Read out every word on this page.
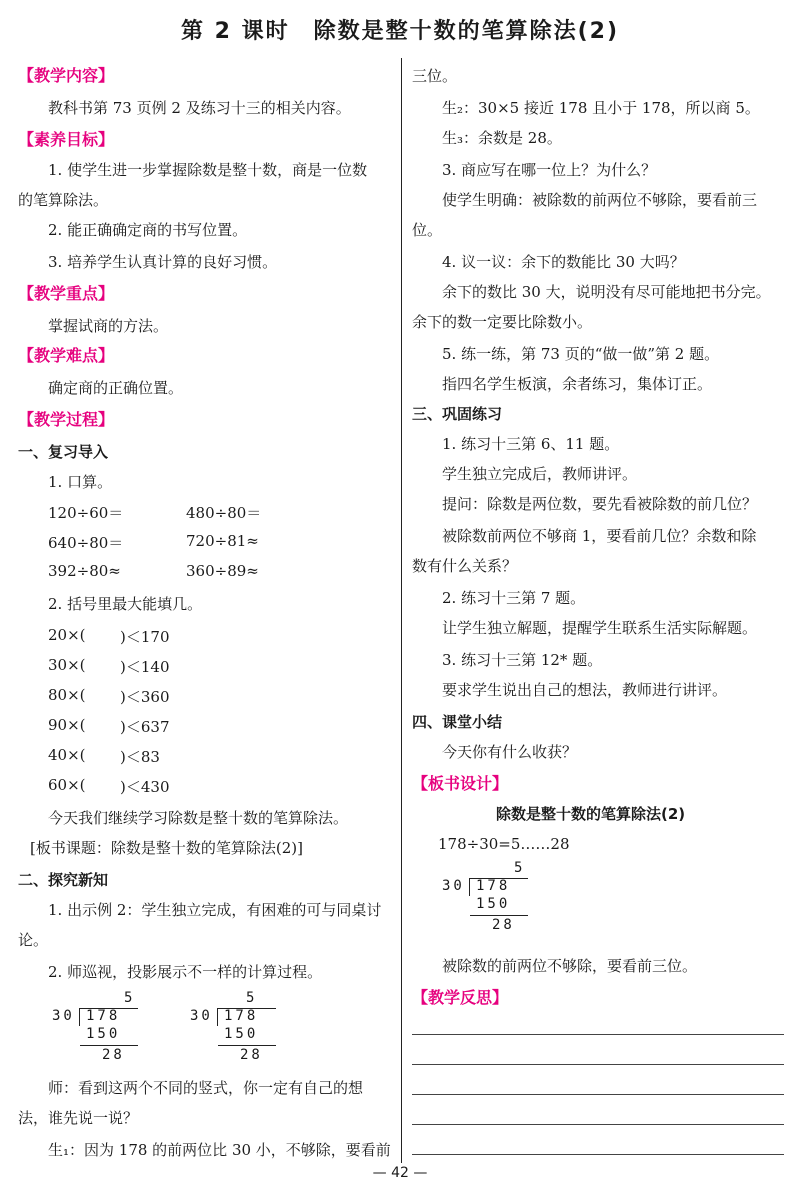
第 2 课时　除数是整十数的笔算除法(2)
【教学内容】
教科书第 73 页例 2 及练习十三的相关内容。
【素养目标】
1. 使学生进一步掌握除数是整十数，商是一位数
的笔算除法。
2. 能正确确定商的书写位置。
3. 培养学生认真计算的良好习惯。
【教学重点】
掌握试商的方法。
【教学难点】
确定商的正确位置。
【教学过程】
一、复习导入
1. 口算。
120÷60＝
640÷80＝
392÷80≈
480÷80＝
720÷81≈
360÷89≈
2. 括号里最大能填几。
20×( )＜170
30×( )＜140
80×( )＜360
90×( )＜637
40×( )＜83
60×( )＜430
今天我们继续学习除数是整十数的笔算除法。
[板书课题：除数是整十数的笔算除法(2)]
二、探究新知
1. 出示例 2：学生独立完成，有困难的可与同桌讨
论。
2. 师巡视，投影展示不一样的计算过程。
5
30 178
150
28
5
30 178
150
28
师：看到这两个不同的竖式，你一定有自己的想
法，谁先说一说？
生₁：因为 178 的前两位比 30 小，不够除，要看前
三位。
生₂：30×5 接近 178 且小于 178，所以商 5。
生₃：余数是 28。
3. 商应写在哪一位上？为什么？
使学生明确：被除数的前两位不够除，要看前三
位。
4. 议一议：余下的数能比 30 大吗？
余下的数比 30 大，说明没有尽可能地把书分完。
余下的数一定要比除数小。
5. 练一练，第 73 页的“做一做”第 2 题。
指四名学生板演，余者练习，集体订正。
三、巩固练习
1. 练习十三第 6、11 题。
学生独立完成后，教师讲评。
提问：除数是两位数，要先看被除数的前几位？
被除数前两位不够商 1，要看前几位？余数和除
数有什么关系？
2. 练习十三第 7 题。
让学生独立解题，提醒学生联系生活实际解题。
3. 练习十三第 12* 题。
要求学生说出自己的想法，教师进行讲评。
四、课堂小结
今天你有什么收获？
【板书设计】
除数是整十数的笔算除法(2)
178÷30=5……28
5
30 178
150
28
被除数的前两位不够除，要看前三位。
【教学反思】
— 42 —
